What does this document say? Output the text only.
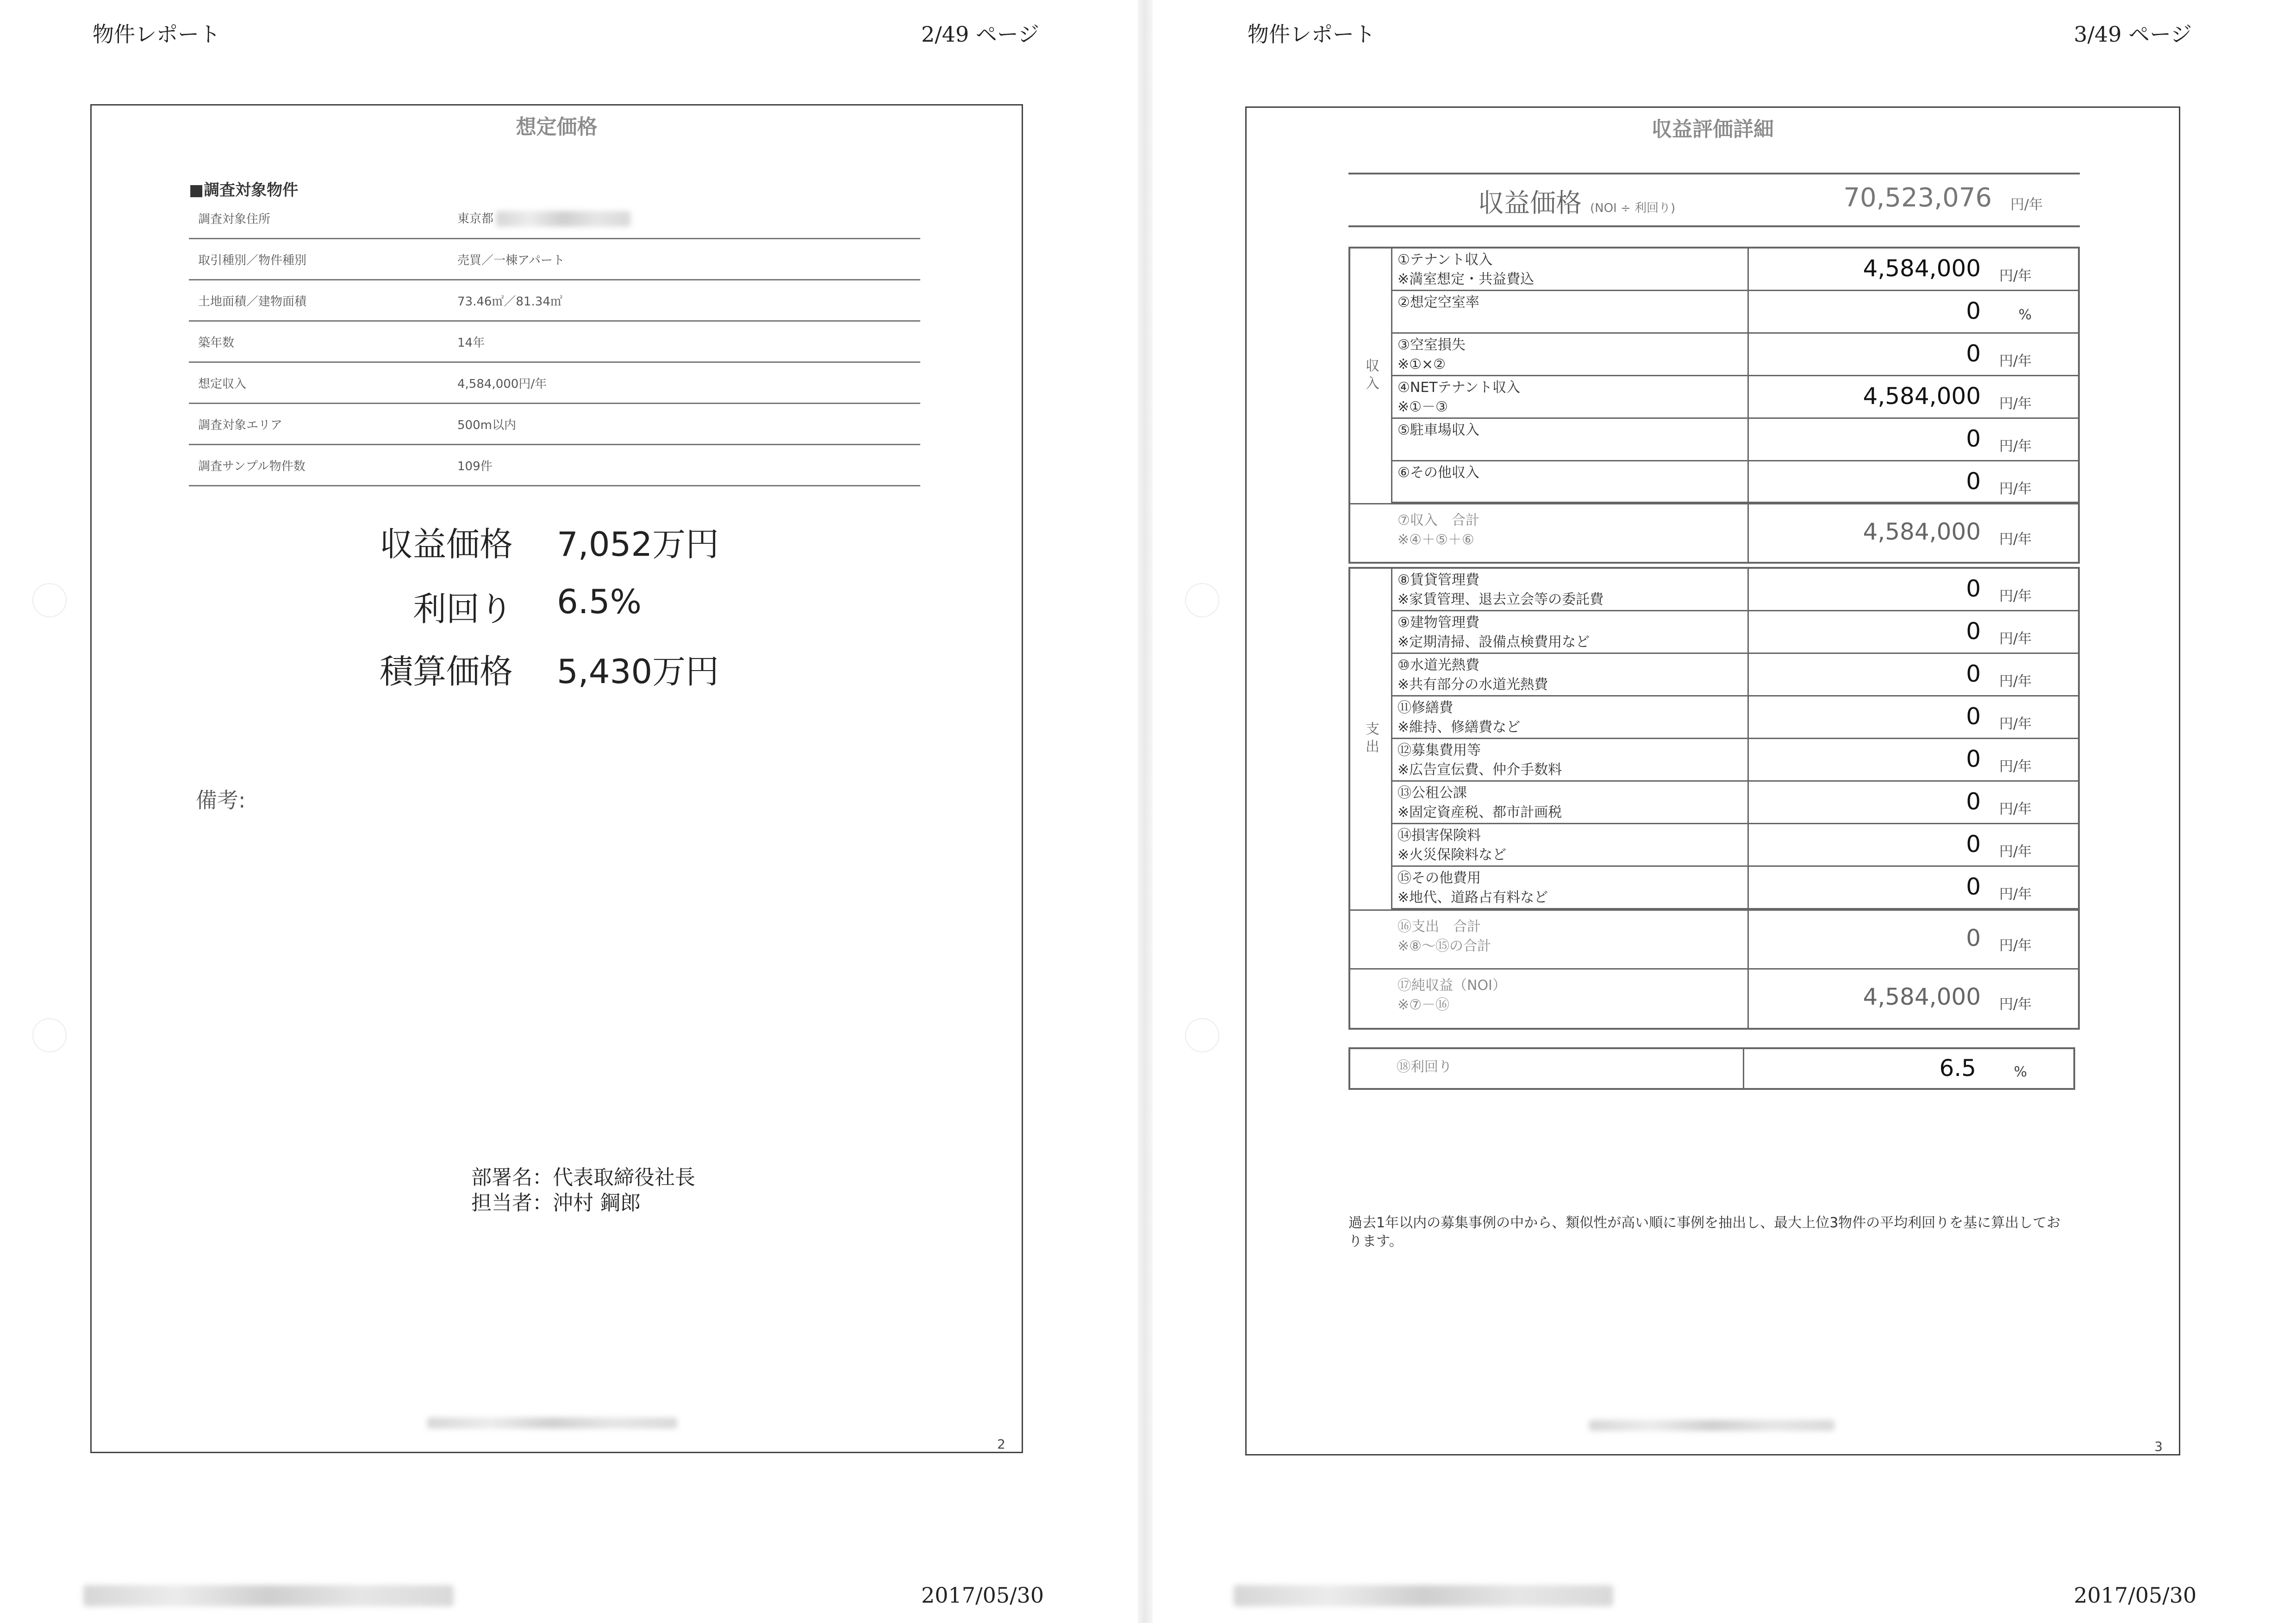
物件レポート	2/49 ページ
想定価格
■調査対象物件
調査対象住所	東京都
取引種別／物件種別	売買／一棟アパート
土地面積／建物面積	73.46㎡／81.34㎡
築年数	14年
想定収入	4,584,000円/年
調査対象エリア	500m以内
調査サンプル物件数	109件
収益価格 7,052万円
利回り 6.5%
積算価格 5,430万円
備考:
部署名：代表取締役社長
担当者：沖村 鋼郎
2
2017/05/30
物件レポート	3/49 ページ
収益評価詳細
収益価格 (NOI ÷ 利回り)	70,523,076 円/年
収入
①テナント収入
※満室想定・共益費込	4,584,000 円/年
②想定空室率	0	%
③空室損失
※①×②	0 円/年
④NETテナント収入
※①－③	4,584,000 円/年
⑤駐車場収入	0 円/年
⑥その他収入	0 円/年
⑦収入　合計
※④＋⑤＋⑥	4,584,000 円/年
支出
⑧賃貸管理費
※家賃管理、退去立会等の委託費	0 円/年
⑨建物管理費
※定期清掃、設備点検費用など	0 円/年
⑩水道光熱費
※共有部分の水道光熱費	0 円/年
⑪修繕費
※維持、修繕費など	0 円/年
⑫募集費用等
※広告宣伝費、仲介手数料	0 円/年
⑬公租公課
※固定資産税、都市計画税	0 円/年
⑭損害保険料
※火災保険料など	0 円/年
⑮その他費用
※地代、道路占有料など	0 円/年
⑯支出　合計
※⑧～⑮の合計	0 円/年
⑰純収益（NOI）
※⑦－⑯	4,584,000 円/年
⑱利回り	6.5	%
過去1年以内の募集事例の中から、類似性が高い順に事例を抽出し、最大上位3物件の平均利回りを基に算出しております。
3
2017/05/30
